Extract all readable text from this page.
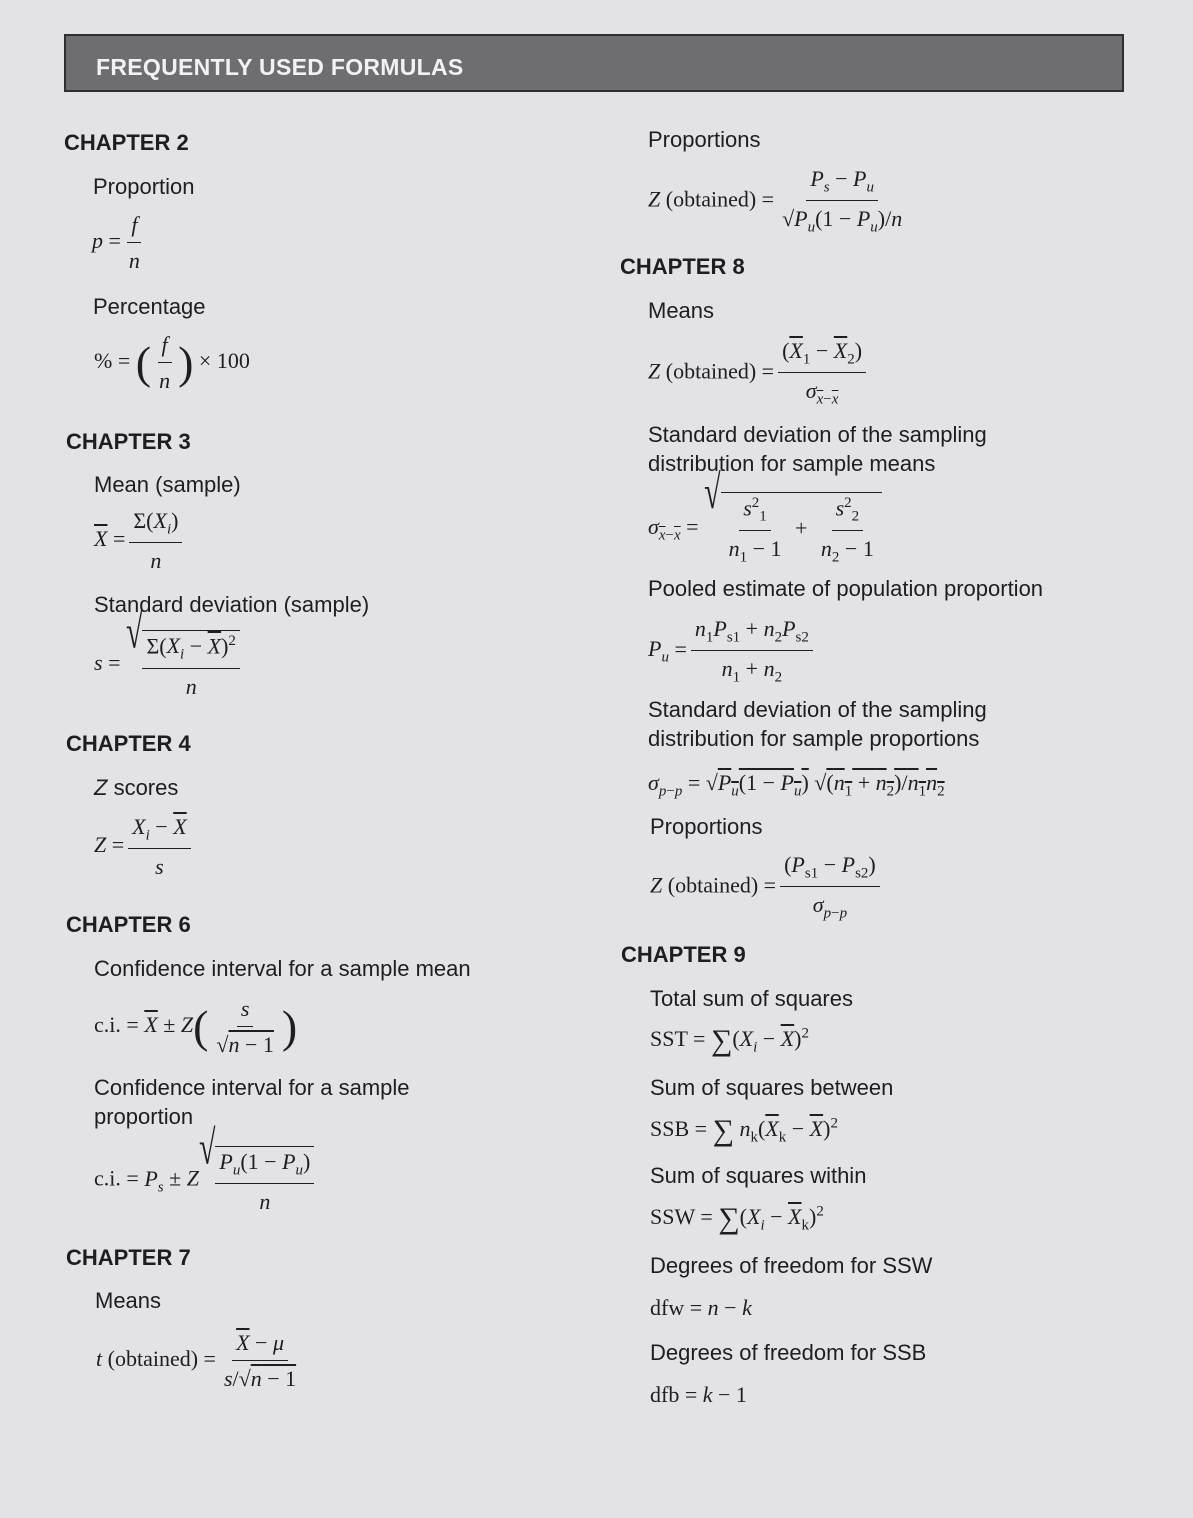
FREQUENTLY USED FORMULAS
CHAPTER 2
Proportion
$p = \frac{f}{n}$
Percentage
% = ( $\frac{f}{n}$ ) × 100
CHAPTER 3
Mean (sample)
$\overline{X} = \frac{\Sigma(X_i)}{n}$
Standard deviation (sample)
s =
√
$\frac{\Sigma(X_i - \overline{X})^2}{n}$
CHAPTER 4
Z scores
$Z = \frac{X_i - \overline{X}}{s}$
CHAPTER 6
Confidence interval for a sample mean
c.i. = $\overline{X} \pm Z( \frac{s}{√n - 1}$ )
Confidence interval for a sample
proportion
c.i. = $P_s \pm Z$
√
$\frac{P_u(1 - P_u)}{n}$
CHAPTER 7
Means
t (obtained) = $\frac{\overline{X} - \mu}{s/√n - 1}$
Proportions
Z (obtained) = $\frac{P_s - P_u}{√P_u(1 - P_u)/n}$
CHAPTER 8
Means
Z (obtained) = $\frac{(\overline{X}_1 - \overline{X}_2)}{\sigma_{\overline{x}-\overline{x}}}$
Standard deviation of the sampling
distribution for sample means
$\sigma_{\overline{x}-\overline{x}}$ =
√
$\frac{s^2_1}{n_1 - 1} + \frac{s^2_2}{n_2 - 1}$
Pooled estimate of population proportion
$P_u = \frac{n_1P_{s1} + n_2P_{s2}}{n_1 + n_2}$
Standard deviation of the sampling
distribution for sample proportions
$\sigma_{p-p} = √P_u(1 - P_u) √(n_1 + n_2)/n_1n_2$
Proportions
Z (obtained) = $\frac{(P_{s1} - P_{s2})}{\sigma_{p-p}}$
CHAPTER 9
Total sum of squares
SST = $\sum(X_i - \overline{X})^2$
Sum of squares between
SSB = ∑ $n_k(\overline{X}_k - \overline{X})^2$
Sum of squares within
SSW = $\sum(X_i - \overline{X}_k)^2$
Degrees of freedom for SSW
dfw = n − k
Degrees of freedom for SSB
dfb = k − 1
